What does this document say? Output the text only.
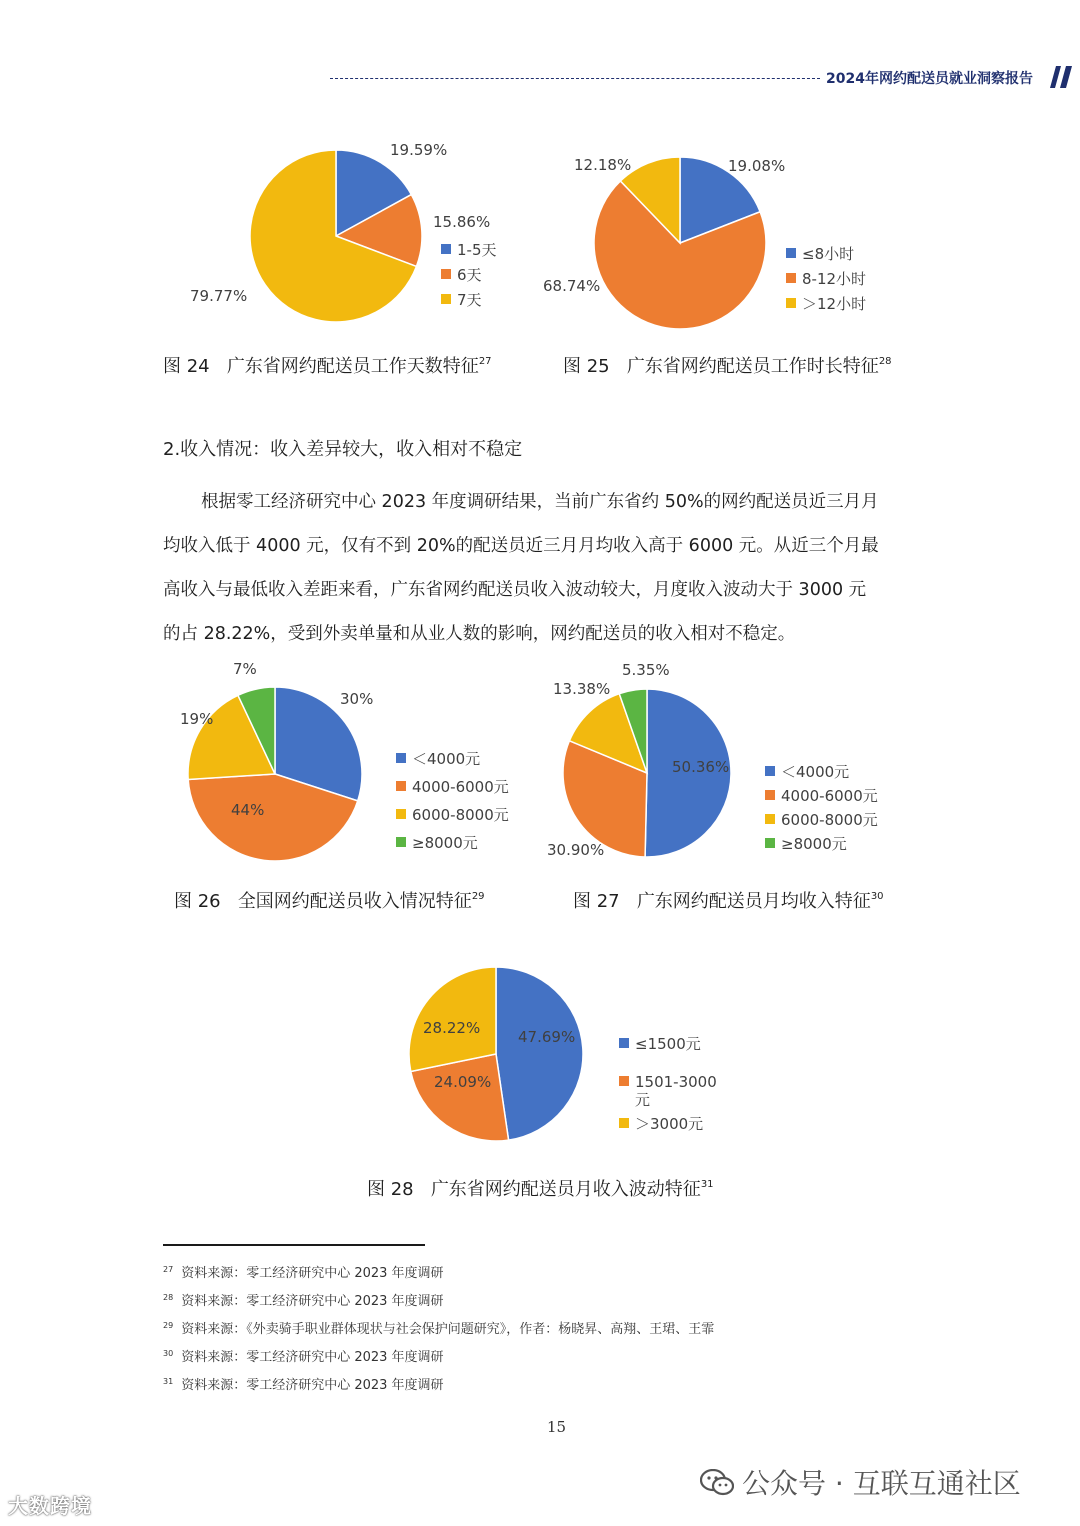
2024年网约配送员就业洞察报告
1-5天
6天
7天
图 24 广东省网约配送员工作天数特征$^{27}$
≤8小时
8-12小时
＞12小时
图 25 广东省网约配送员工作时长特征$^{28}$
2.收入情况：收入差异较大，收入相对不稳定
根据零工经济研究中心 2023 年度调研结果，当前广东省约 50%的网约配送员近三月月
均收入低于 4000 元，仅有不到 20%的配送员近三月月均收入高于 6000 元。从近三个月最
高收入与最低收入差距来看，广东省网约配送员收入波动较大，月度收入波动大于 3000 元
的占 28.22%，受到外卖单量和从业人数的影响，网约配送员的收入相对不稳定。
＜4000元
4000-6000元
6000-8000元
≥8000元
图 26 全国网约配送员收入情况特征$^{29}$
＜4000元
4000-6000元
6000-8000元
≥8000元
图 27 广东网约配送员月均收入特征$^{30}$
≤1500元
1501-3000
元
＞3000元
图 28 广东省网约配送员月收入波动特征$^{31}$
$^{27}$ 资料来源：零工经济研究中心 2023 年度调研
$^{28}$ 资料来源：零工经济研究中心 2023 年度调研
$^{29}$ 资料来源：《外卖骑手职业群体现状与社会保护问题研究》，作者：杨晓昇、高翔、王珺、王霏
$^{30}$ 资料来源：零工经济研究中心 2023 年度调研
$^{31}$ 资料来源：零工经济研究中心 2023 年度调研
15
大数跨境
公众号 · 互联互通社区
19.59%
15.86%
79.77%
19.08%
68.74%
12.18%
30%
44%
19%
7%
50.36%
30.90%
13.38%
5.35%
47.69%
24.09%
28.22%
